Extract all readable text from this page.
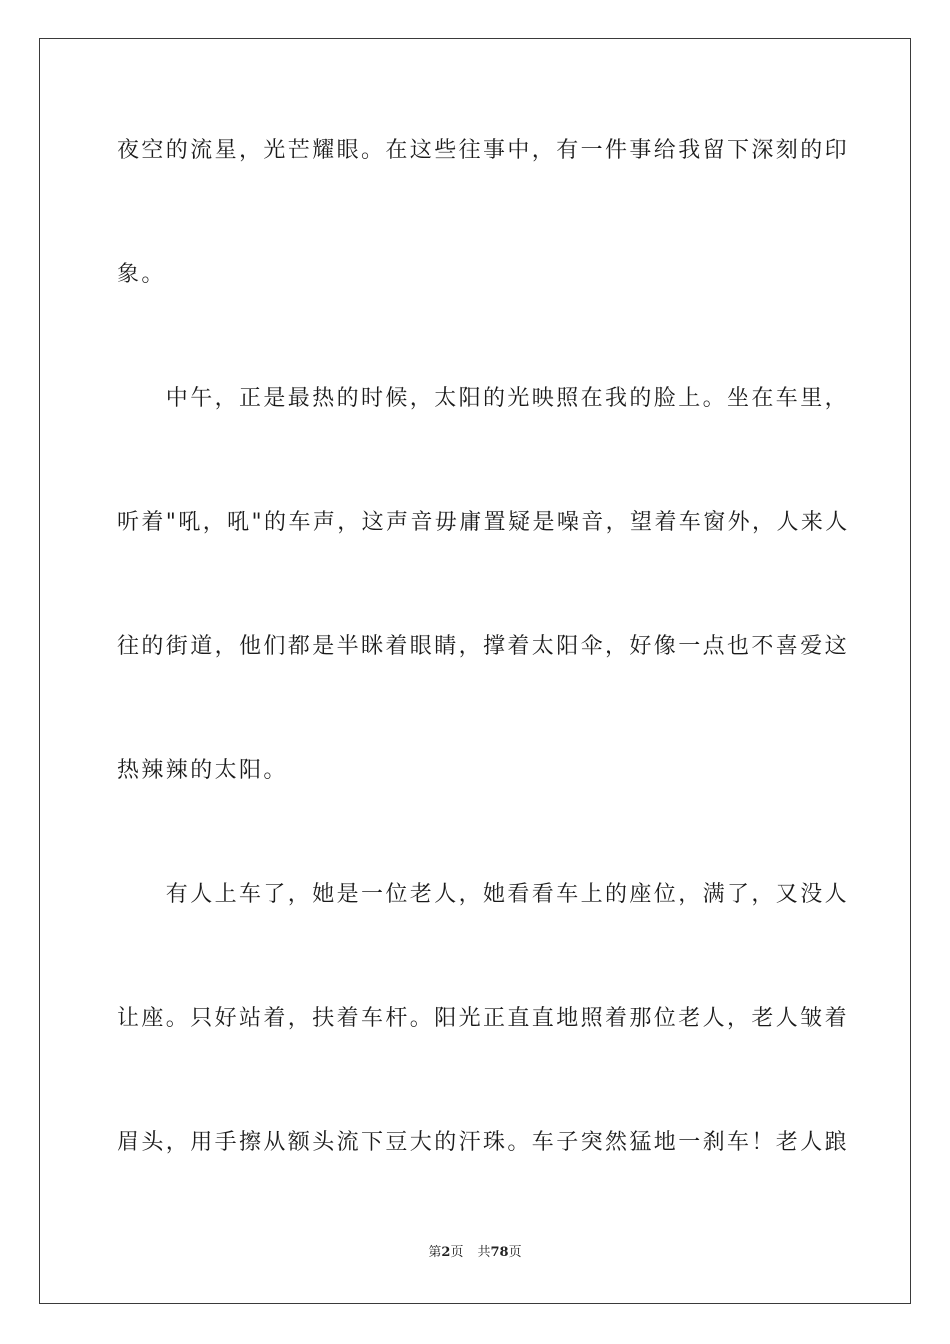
夜空的流星，光芒耀眼。在这些往事中，有一件事给我留下深刻的印
象。
　　中午，正是最热的时候，太阳的光映照在我的脸上。坐在车里，
听着"吼，吼"的车声，这声音毋庸置疑是噪音，望着车窗外，人来人
往的街道，他们都是半眯着眼睛，撑着太阳伞，好像一点也不喜爱这
热辣辣的太阳。
　　有人上车了，她是一位老人，她看看车上的座位，满了，又没人
让座。只好站着，扶着车杆。阳光正直直地照着那位老人，老人皱着
眉头，用手擦从额头流下豆大的汗珠。车子突然猛地一刹车！老人踉
第2页 共78页
